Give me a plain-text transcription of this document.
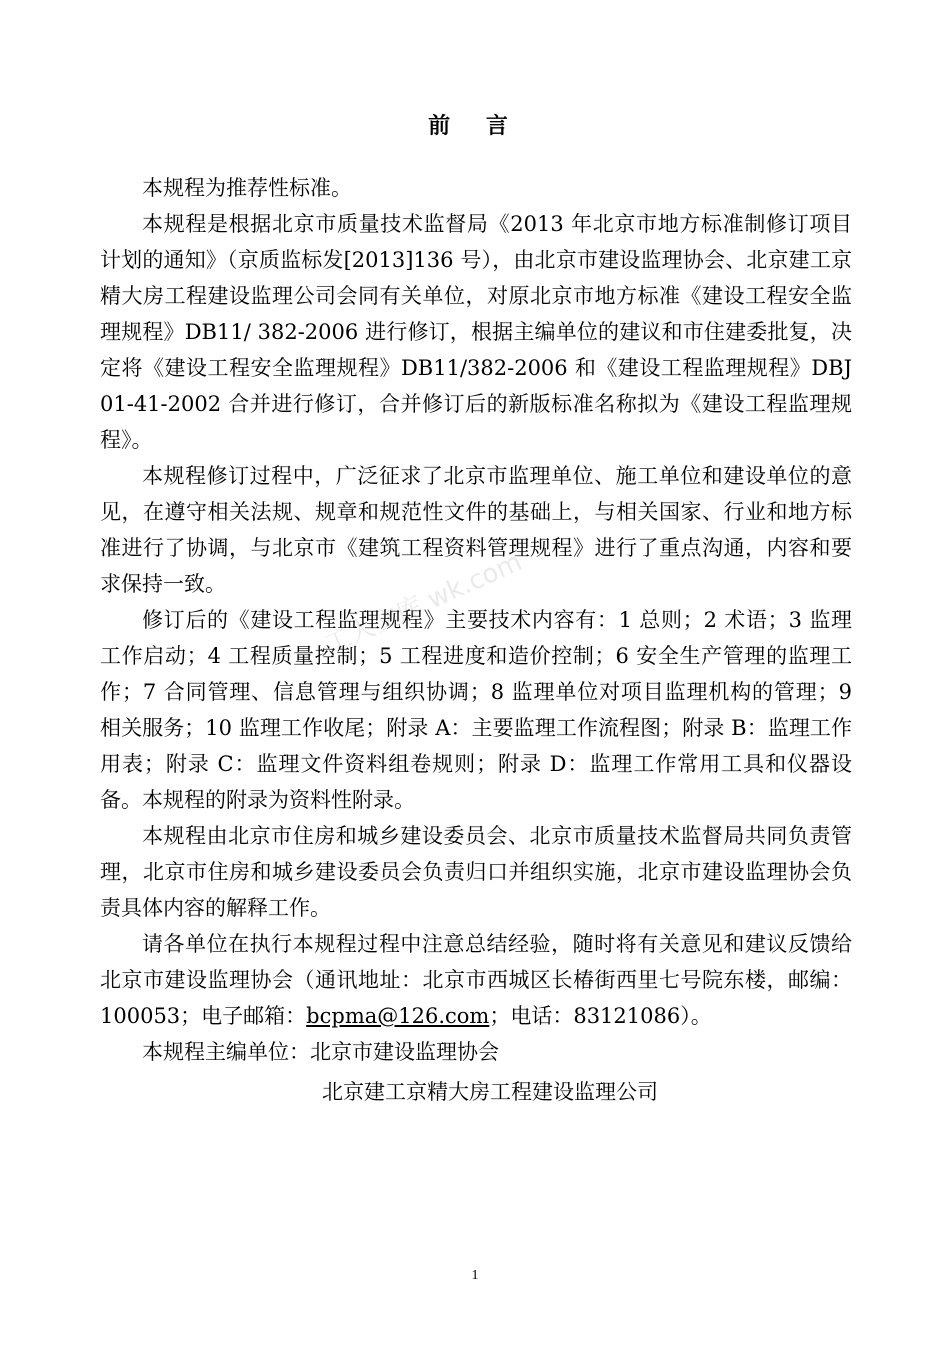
前 言

本规程为推荐性标准。

本规程是根据北京市质量技术监督局《2013 年北京市地方标准制修订项目计划的通知》（京质监标发[2013]136 号），由北京市建设监理协会、北京建工京精大房工程建设监理公司会同有关单位，对原北京市地方标准《建设工程安全监理规程》DB11/ 382-2006 进行修订，根据主编单位的建议和市住建委批复，决定将《建设工程安全监理规程》DB11/382-2006 和《建设工程监理规程》DBJ 01-41-2002 合并进行修订，合并修订后的新版标准名称拟为《建设工程监理规程》。

本规程修订过程中，广泛征求了北京市监理单位、施工单位和建设单位的意见，在遵守相关法规、规章和规范性文件的基础上，与相关国家、行业和地方标准进行了协调，与北京市《建筑工程资料管理规程》进行了重点沟通，内容和要求保持一致。

修订后的《建设工程监理规程》主要技术内容有：1 总则；2 术语；3 监理工作启动；4 工程质量控制；5 工程进度和造价控制；6 安全生产管理的监理工作；7 合同管理、信息管理与组织协调；8 监理单位对项目监理机构的管理；9 相关服务；10 监理工作收尾；附录 A：主要监理工作流程图；附录 B：监理工作用表；附录 C：监理文件资料组卷规则；附录 D：监理工作常用工具和仪器设备。本规程的附录为资料性附录。

本规程由北京市住房和城乡建设委员会、北京市质量技术监督局共同负责管理，北京市住房和城乡建设委员会负责归口并组织实施，北京市建设监理协会负责具体内容的解释工作。

请各单位在执行本规程过程中注意总结经验，随时将有关意见和建议反馈给北京市建设监理协会（通讯地址：北京市西城区长椿街西里七号院东楼，邮编：100053；电子邮箱：bcpma@126.com；电话：83121086）。

本规程主编单位：北京市建设监理协会

北京建工京精大房工程建设监理公司

工人文库 wk.com
1
